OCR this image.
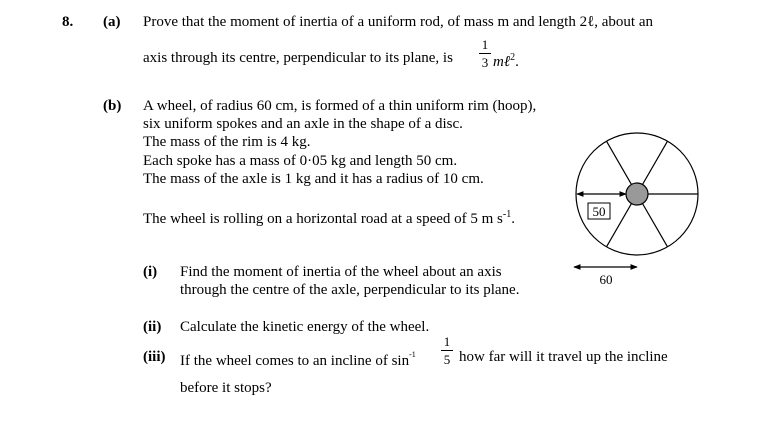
8. (a) Prove that the moment of inertia of a uniform rod, of mass m and length 2ℓ, about an
axis through its centre, perpendicular to its plane, is
1
3 mℓ$^2$.
(b) A wheel, of radius 60 cm, is formed of a thin uniform rim (hoop),
six uniform spokes and an axle in the shape of a disc.
The mass of the rim is 4 kg.
Each spoke has a mass of 0·05 kg and length 50 cm.
The mass of the axle is 1 kg and it has a radius of 10 cm.
The wheel is rolling on a horizontal road at a speed of 5 m $s^{-1}$.
(i) Find the moment of inertia of the wheel about an axis
through the centre of the axle, perpendicular to its plane.
(ii) Calculate the kinetic energy of the wheel.
(iii) If the wheel comes to an incline of $\sin^{-1}$
1
5 how far will it travel up the incline
before it stops?
50
60
